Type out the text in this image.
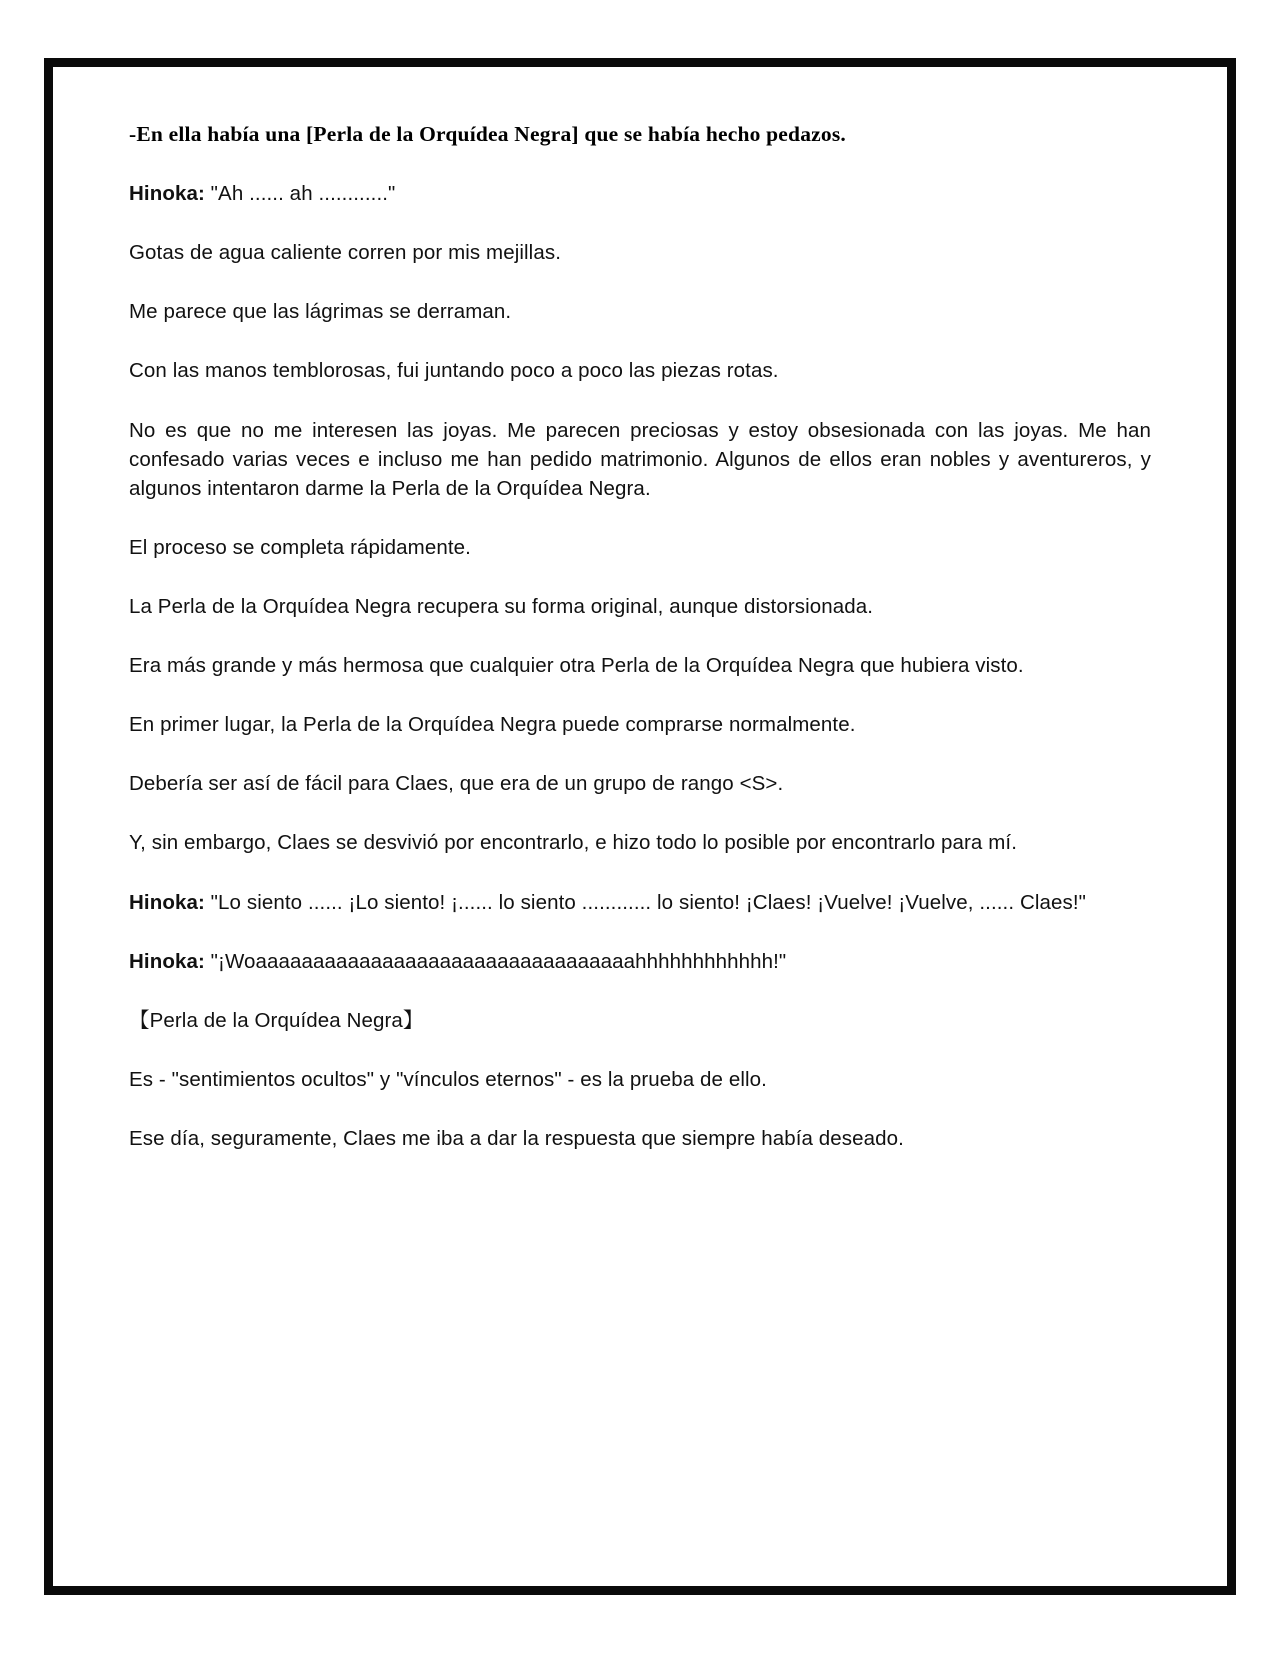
-En ella había una [Perla de la Orquídea Negra] que se había hecho pedazos.

Hinoka: "Ah ...... ah ............"

Gotas de agua caliente corren por mis mejillas.

Me parece que las lágrimas se derraman.

Con las manos temblorosas, fui juntando poco a poco las piezas rotas.

No es que no me interesen las joyas. Me parecen preciosas y estoy obsesionada con las joyas. Me han confesado varias veces e incluso me han pedido matrimonio. Algunos de ellos eran nobles y aventureros, y algunos intentaron darme la Perla de la Orquídea Negra.

El proceso se completa rápidamente.

La Perla de la Orquídea Negra recupera su forma original, aunque distorsionada.

Era más grande y más hermosa que cualquier otra Perla de la Orquídea Negra que hubiera visto.

En primer lugar, la Perla de la Orquídea Negra puede comprarse normalmente.

Debería ser así de fácil para Claes, que era de un grupo de rango <S>.

Y, sin embargo, Claes se desvivió por encontrarlo, e hizo todo lo posible por encontrarlo para mí.

Hinoka: "Lo siento ...... ¡Lo siento! ¡...... lo siento ............ lo siento! ¡Claes! ¡Vuelve! ¡Vuelve, ...... Claes!"

Hinoka: "¡Woaaaaaaaaaaaaaaaaaaaaaaaaaaaaaaaaahhhhhhhhhhhh!"

【Perla de la Orquídea Negra】

Es - "sentimientos ocultos" y "vínculos eternos" - es la prueba de ello.

Ese día, seguramente, Claes me iba a dar la respuesta que siempre había deseado.
